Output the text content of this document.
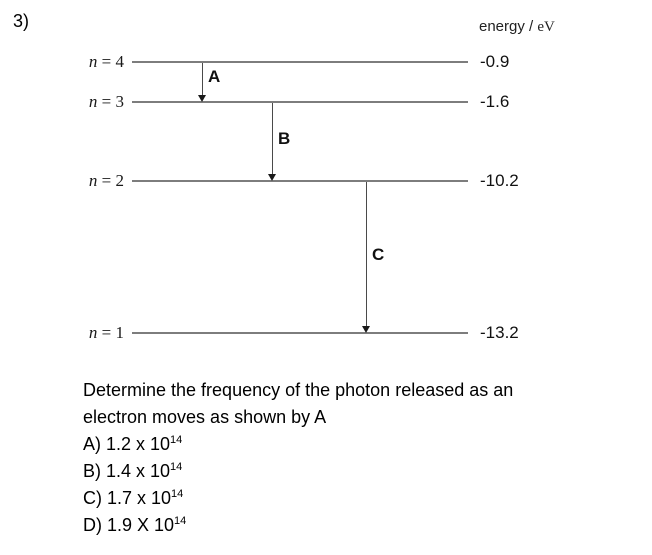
3)	energy / eV
n = 4	-0.9
n = 3	-1.6
n = 2	-10.2
n = 1	-13.2
A
B
C
Determine the frequency of the photon released as an
electron moves as shown by A
A) 1.2 x $10^{14}$
B) 1.4 x $10^{14}$
C) 1.7 x $10^{14}$
D) 1.9 X $10^{14}$
